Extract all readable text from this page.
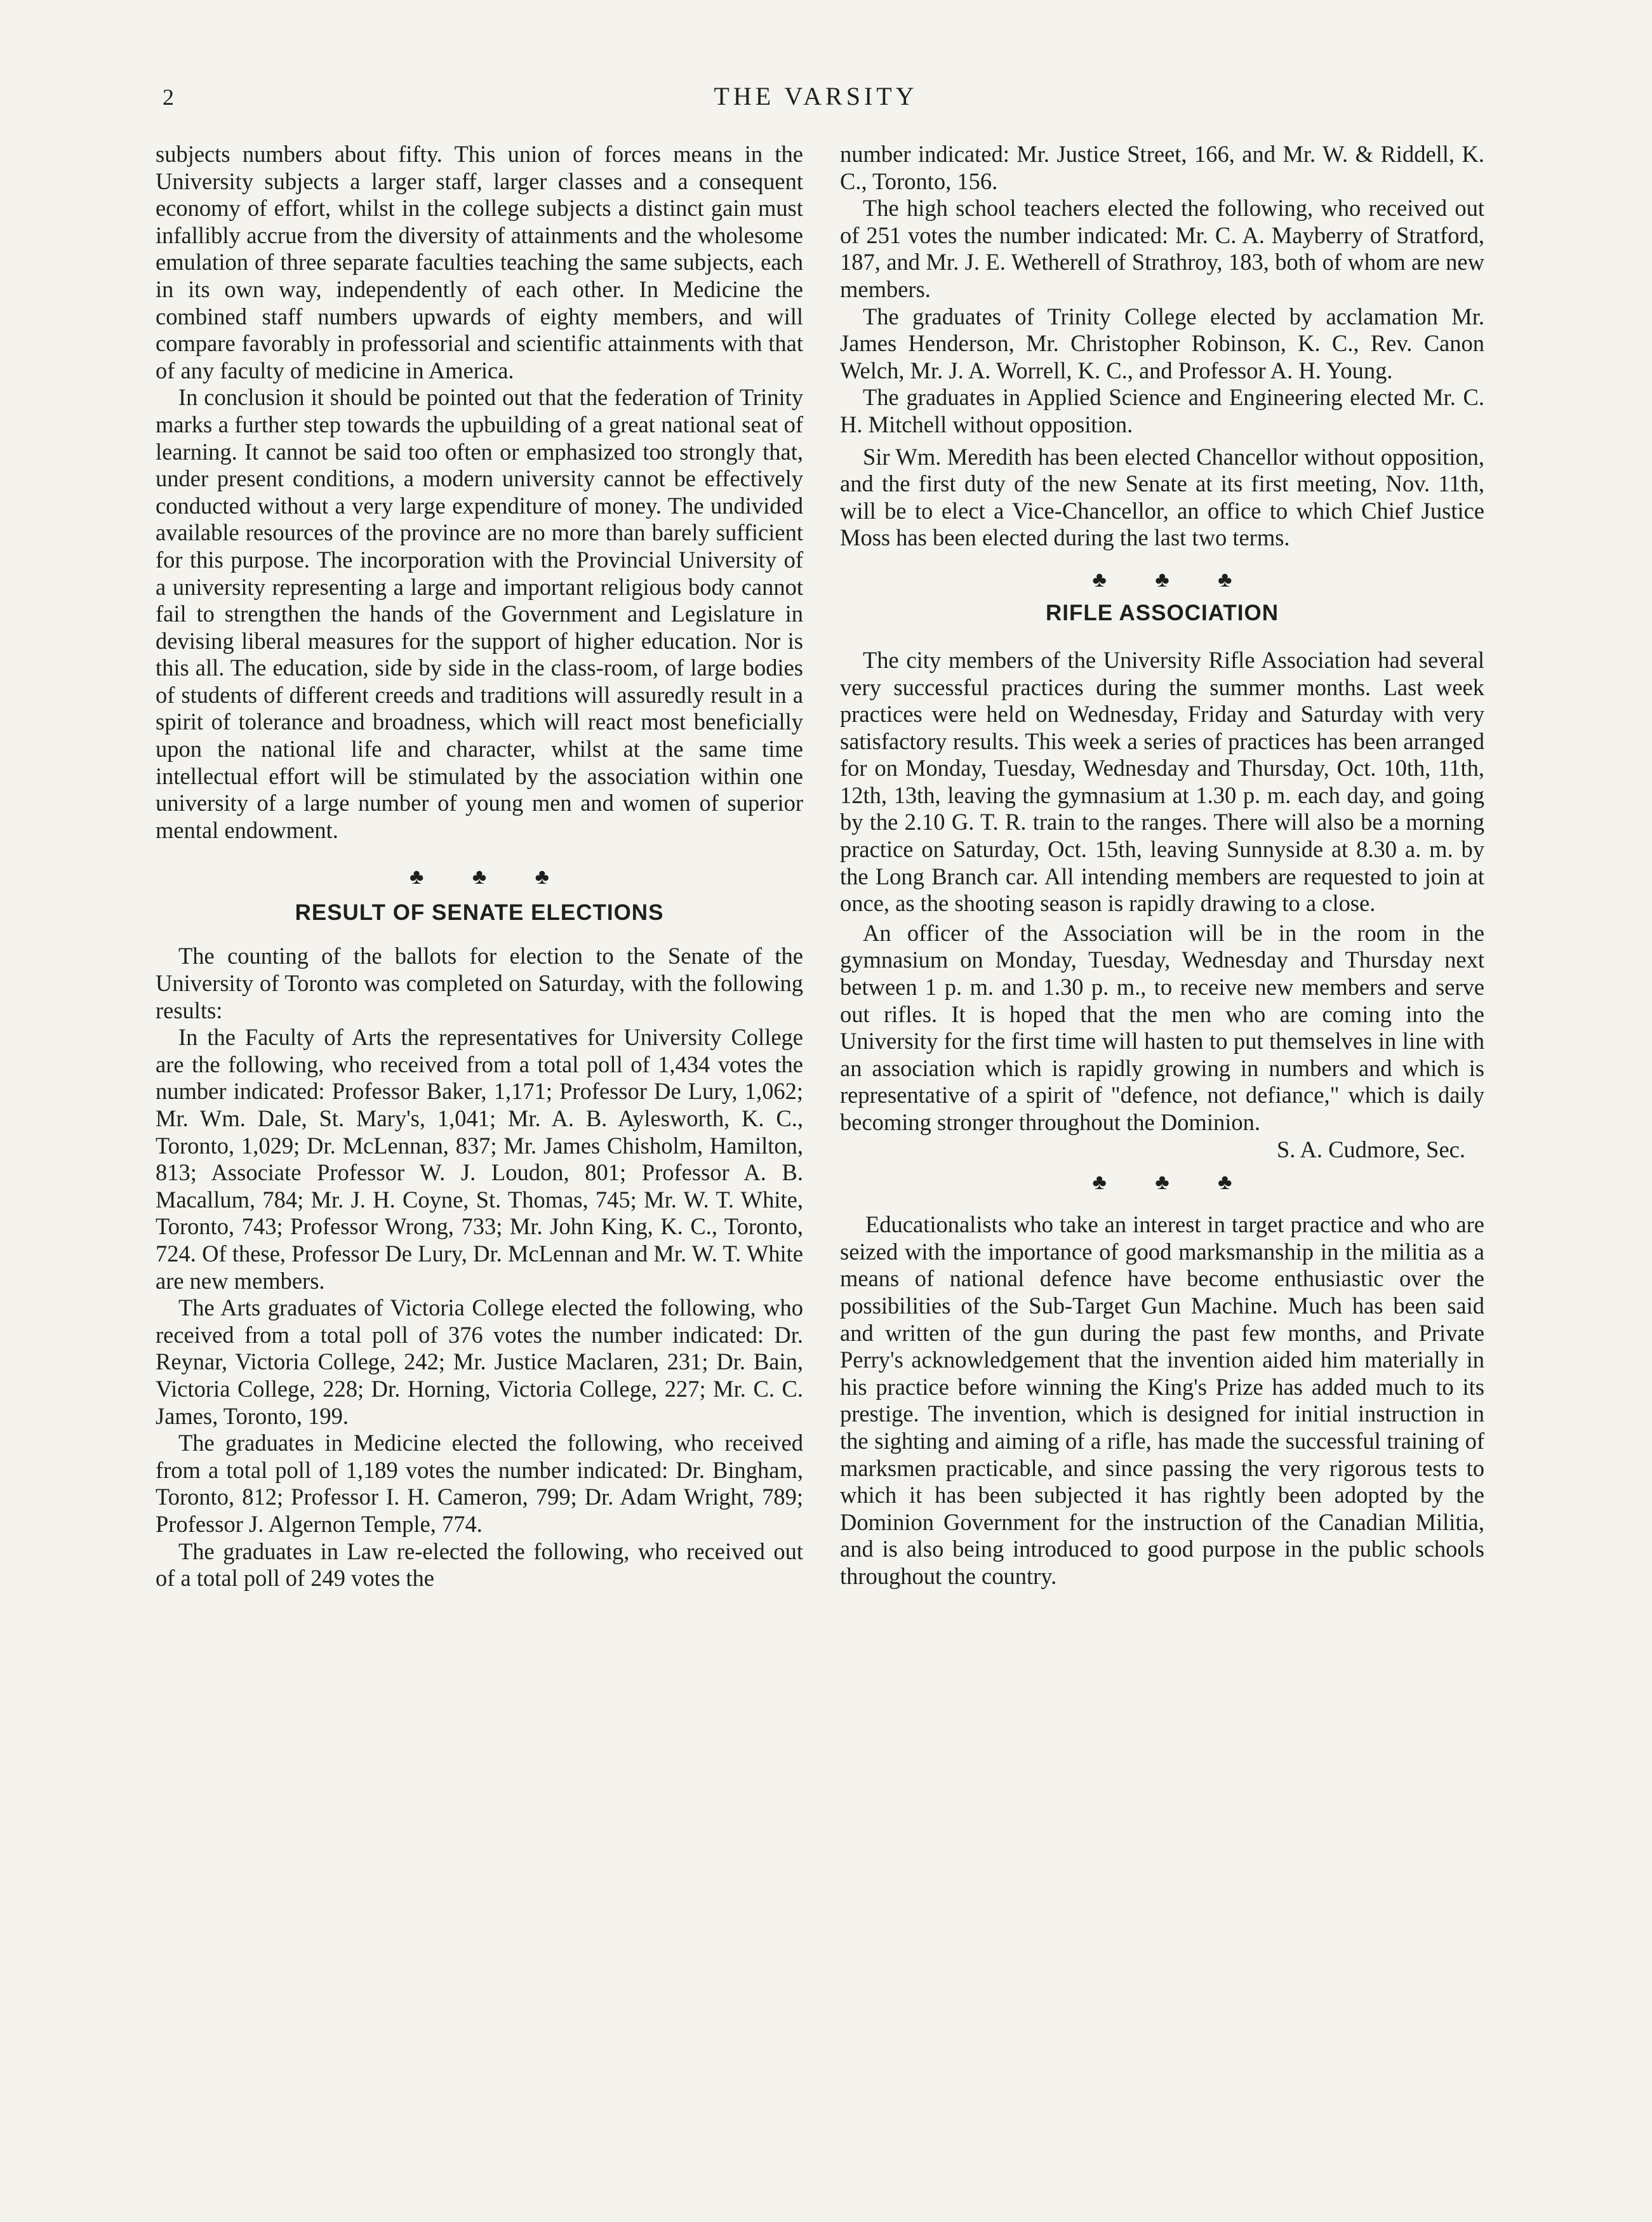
2	THE VARSITY

subjects numbers about fifty. This union of forces means in the University subjects a larger staff, larger classes and a consequent economy of effort, whilst in the college subjects a distinct gain must infallibly accrue from the diversity of attainments and the wholesome emulation of three separate faculties teaching the same subjects, each in its own way, independently of each other. In Medicine the combined staff numbers upwards of eighty members, and will compare favorably in professorial and scientific attainments with that of any faculty of medicine in America.

In conclusion it should be pointed out that the federation of Trinity marks a further step towards the upbuilding of a great national seat of learning. It cannot be said too often or emphasized too strongly that, under present conditions, a modern university cannot be effectively conducted without a very large expenditure of money. The undivided available resources of the province are no more than barely sufficient for this purpose. The incorporation with the Provincial University of a university representing a large and important religious body cannot fail to strengthen the hands of the Government and Legislature in devising liberal measures for the support of higher education. Nor is this all. The education, side by side in the class-room, of large bodies of students of different creeds and traditions will assuredly result in a spirit of tolerance and broadness, which will react most beneficially upon the national life and character, whilst at the same time intellectual effort will be stimulated by the association within one university of a large number of young men and women of superior mental endowment.

♣ ♣ ♣
RESULT OF SENATE ELECTIONS

The counting of the ballots for election to the Senate of the University of Toronto was completed on Saturday, with the following results:

In the Faculty of Arts the representatives for University College are the following, who received from a total poll of 1,434 votes the number indicated: Professor Baker, 1,171; Professor De Lury, 1,062; Mr. Wm. Dale, St. Mary's, 1,041; Mr. A. B. Aylesworth, K. C., Toronto, 1,029; Dr. McLennan, 837; Mr. James Chisholm, Hamilton, 813; Associate Professor W. J. Loudon, 801; Professor A. B. Macallum, 784; Mr. J. H. Coyne, St. Thomas, 745; Mr. W. T. White, Toronto, 743; Professor Wrong, 733; Mr. John King, K. C., Toronto, 724. Of these, Professor De Lury, Dr. McLennan and Mr. W. T. White are new members.

The Arts graduates of Victoria College elected the following, who received from a total poll of 376 votes the number indicated: Dr. Reynar, Victoria College, 242; Mr. Justice Maclaren, 231; Dr. Bain, Victoria College, 228; Dr. Horning, Victoria College, 227; Mr. C. C. James, Toronto, 199.

The graduates in Medicine elected the following, who received from a total poll of 1,189 votes the number indicated: Dr. Bingham, Toronto, 812; Professor I. H. Cameron, 799; Dr. Adam Wright, 789; Professor J. Algernon Temple, 774.

The graduates in Law re-elected the following, who received out of a total poll of 249 votes the

number indicated: Mr. Justice Street, 166, and Mr. W. & Riddell, K. C., Toronto, 156.

The high school teachers elected the following, who received out of 251 votes the number indicated: Mr. C. A. Mayberry of Stratford, 187, and Mr. J. E. Wetherell of Strathroy, 183, both of whom are new members.

The graduates of Trinity College elected by acclamation Mr. James Henderson, Mr. Christopher Robinson, K. C., Rev. Canon Welch, Mr. J. A. Worrell, K. C., and Professor A. H. Young.

The graduates in Applied Science and Engineering elected Mr. C. H. Mitchell without opposition.

Sir Wm. Meredith has been elected Chancellor without opposition, and the first duty of the new Senate at its first meeting, Nov. 11th, will be to elect a Vice-Chancellor, an office to which Chief Justice Moss has been elected during the last two terms.

♣ ♣ ♣
RIFLE ASSOCIATION

The city members of the University Rifle Association had several very successful practices during the summer months. Last week practices were held on Wednesday, Friday and Saturday with very satisfactory results. This week a series of practices has been arranged for on Monday, Tuesday, Wednesday and Thursday, Oct. 10th, 11th, 12th, 13th, leaving the gymnasium at 1.30 p. m. each day, and going by the 2.10 G. T. R. train to the ranges. There will also be a morning practice on Saturday, Oct. 15th, leaving Sunnyside at 8.30 a. m. by the Long Branch car. All intending members are requested to join at once, as the shooting season is rapidly drawing to a close.

An officer of the Association will be in the room in the gymnasium on Monday, Tuesday, Wednesday and Thursday next between 1 p. m. and 1.30 p. m., to receive new members and serve out rifles. It is hoped that the men who are coming into the University for the first time will hasten to put themselves in line with an association which is rapidly growing in numbers and which is representative of a spirit of "defence, not defiance," which is daily becoming stronger throughout the Dominion.

S. A. Cudmore, Sec.

♣ ♣ ♣

Educationalists who take an interest in target practice and who are seized with the importance of good marksmanship in the militia as a means of national defence have become enthusiastic over the possibilities of the Sub-Target Gun Machine. Much has been said and written of the gun during the past few months, and Private Perry's acknowledgement that the invention aided him materially in his practice before winning the King's Prize has added much to its prestige. The invention, which is designed for initial instruction in the sighting and aiming of a rifle, has made the successful training of marksmen practicable, and since passing the very rigorous tests to which it has been subjected it has rightly been adopted by the Dominion Government for the instruction of the Canadian Militia, and is also being introduced to good purpose in the public schools throughout the country.
